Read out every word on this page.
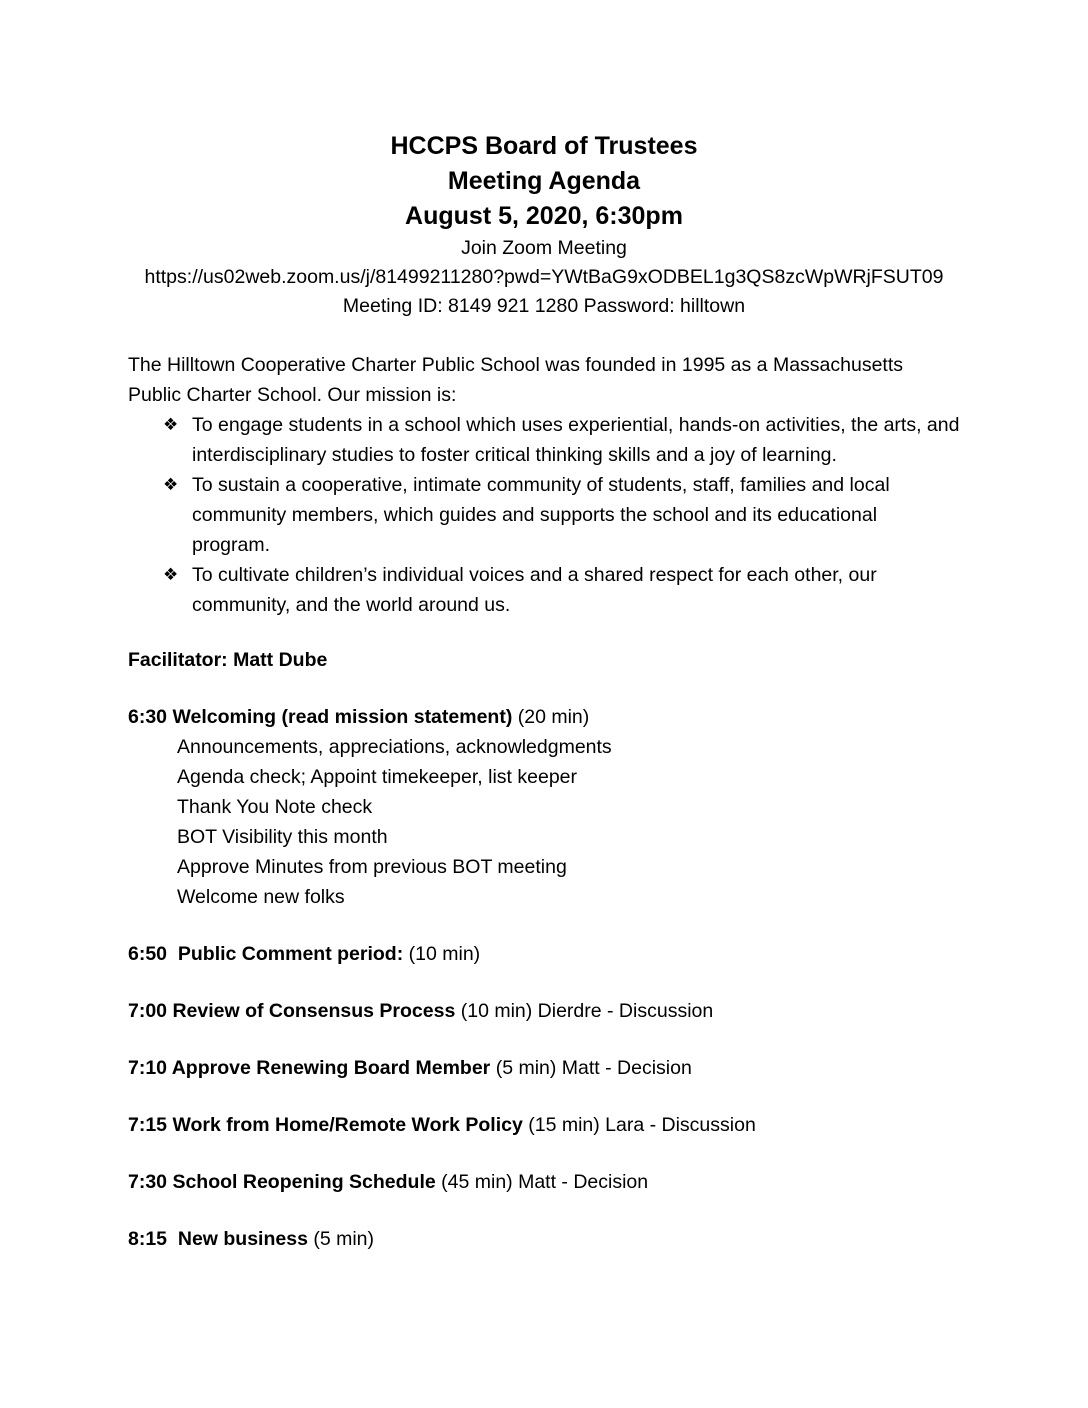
HCCPS Board of Trustees
Meeting Agenda
August 5, 2020, 6:30pm
Join Zoom Meeting
https://us02web.zoom.us/j/81499211280?pwd=YWtBaG9xODBEL1g3QS8zcWpWRjFSUT09
Meeting ID: 8149 921 1280 Password: hilltown

The Hilltown Cooperative Charter Public School was founded in 1995 as a Massachusetts Public Charter School. Our mission is:

❖ To engage students in a school which uses experiential, hands-on activities, the arts, and interdisciplinary studies to foster critical thinking skills and a joy of learning.
❖ To sustain a cooperative, intimate community of students, staff, families and local community members, which guides and supports the school and its educational program.
❖ To cultivate children’s individual voices and a shared respect for each other, our community, and the world around us.

Facilitator: Matt Dube

6:30 Welcoming (read mission statement) (20 min)

Announcements, appreciations, acknowledgments

Agenda check; Appoint timekeeper, list keeper

Thank You Note check

BOT Visibility this month

Approve Minutes from previous BOT meeting

Welcome new folks

6:50  Public Comment period: (10 min)

7:00 Review of Consensus Process (10 min) Dierdre - Discussion

7:10 Approve Renewing Board Member (5 min) Matt - Decision

7:15 Work from Home/Remote Work Policy (15 min) Lara - Discussion

7:30 School Reopening Schedule (45 min) Matt - Decision

8:15  New business (5 min)
